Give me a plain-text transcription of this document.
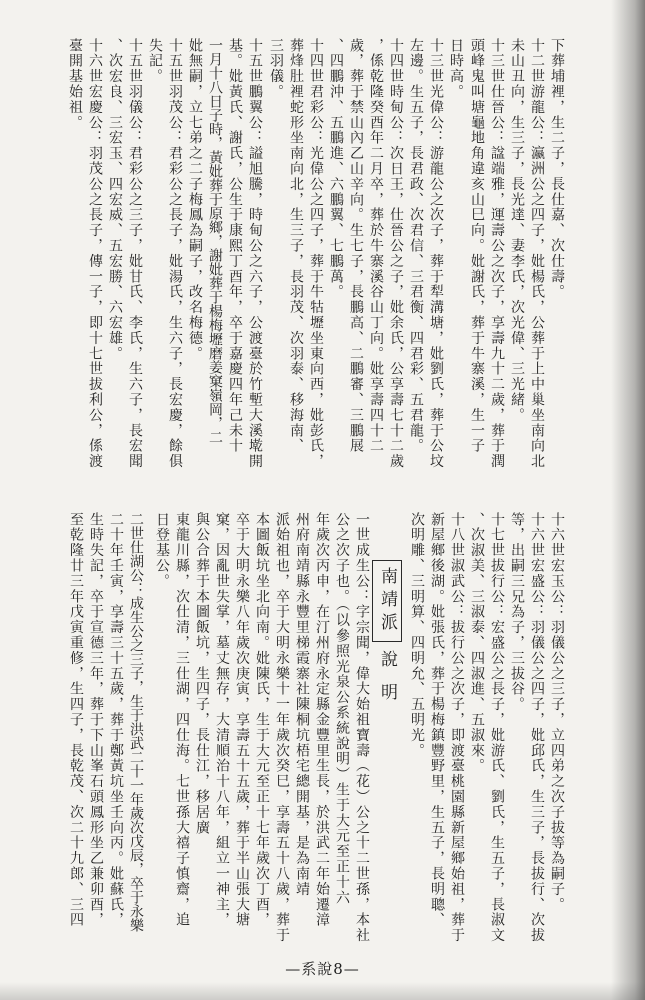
下葬埔裡，生二子，長仕嘉、次仕壽。
十二世游龍公：瀛洲公之四子，妣楊氏，公葬于上中巢坐南向北
未山丑向，生三子，長光達、妻李氏，次光偉、三光緒。
十三世仕晉公：諡端雅，運壽公之次子，享壽九十二歲，葬于潤
頭峰鬼叫塘龜地角違亥山巳向。妣謝氏，葬于牛寨溪，生一子
日時高。
十三世光偉公：游龍公之次子，葬于犁溝塘，妣劉氏，葬于公坟
左邊。生五子，長君政、次君信、三君衡、四君彩、五君龍。
十四世時甸公：次日王，仕晉公之子，妣余氏，公享壽七十二歲
，係乾隆癸酉年二月卒，葬於牛寨溪谷山丁向。妣享壽四十二
歲，葬于禁山內乙山辛向。生七子，長鵬高、二鵬審、三鵬展
、四鵬沖、五鵬進、六鵬翼、七鵬萬。
十四世君彩公：光偉公之四子，葬于牛牯壢坐東向西，妣彭氏，
葬烽肚裡蛇形坐南向北，生三子，長羽茂、次羽泰、移海南、
三羽儀。
十五世鵬翼公：謚旭騰，時甸公之六子，公渡臺於竹塹大溪墘開
基。妣黃氏、謝氏，公生于康熙丁酉年，卒于嘉慶四年己未十
一月十八日子時，黃妣葬于原鄉，謝妣葬于楊梅壢磨姜窠嶺岡，二
妣無嗣，立七弟之二子梅鳳為嗣子，改名梅德。
十五世羽茂公：君彩公之長子，妣湯氏，生六子，長宏慶，餘俱
失記。
十五世羽儀公：君彩公之三子，妣甘氏、李氏，生六子，長宏聞
、次宏良、三宏玉、四宏威、五宏勝、六宏雄。
十六世宏慶公：羽茂公之長子，傳一子，即十七世拔利公，係渡
臺開基始祖。
十六世宏玉公：羽儀公之三子，立四弟之次子拔等為嗣子。
十六世宏盛公：羽儀公之四子，妣邱氏，生三子，長拔行、次拔
等，出嗣三兄為子，三拔谷。
十七世拔行公：宏盛公之長子，妣游氏、劉氏，生五子，長淑文
、次淑美、三淑泰、四淑進、五淑來。
十八世淑武公：拔行公之次子，即渡臺桃園縣新屋鄉始祖，葬于
新屋鄉後湖。妣張氏，葬于楊梅鎮豐野里，生五子，長明聰、
次明雕、三明算、四明允、五明光。
南靖派
說明
一世成生公：字宗聞，偉大始祖寶壽（花）公之十二世孫，本社
公之次子也。（以參照光泉公系統說明）生于大元至正十六
年歲次丙申，在汀州府永定縣金豐里生長，於洪武二年始遷漳
州府南靖縣永豐里梯霞寨社陳桐坑梧宅總開基，是為南靖
派始祖也，卒于大明永樂十一年歲次癸巳，享壽五十八歲，葬于
本圖飯坑坐北向南。妣陳氏，生于大元至正十七年歲次丁酉，
卒于大明永樂八年歲次庚寅，享壽五十五歲，葬于半山張大塘
窠，因亂世失掌，墓丈無存，大清順治十八年，組立一神主，
與公合葬于本圖飯坑，生四子，長仕江，移居廣
東龍川縣，次仕清，三仕湖，四仕海。七世孫大禧子慎齋，追
日登基公。
二世仕湖公：成生公之三子，生于洪武二十一年歲次戊辰，卒于永樂
二十年壬寅，享壽三十五歲，葬于鄭黃坑坐壬向丙。妣蘇氏，
生時失記，卒于宣德三年，葬于下山峯石頭鳳形坐乙兼卯酉，
至乾隆廿三年戊寅重修，生四子，長乾茂、次二十九郎、三四
—系說8—
